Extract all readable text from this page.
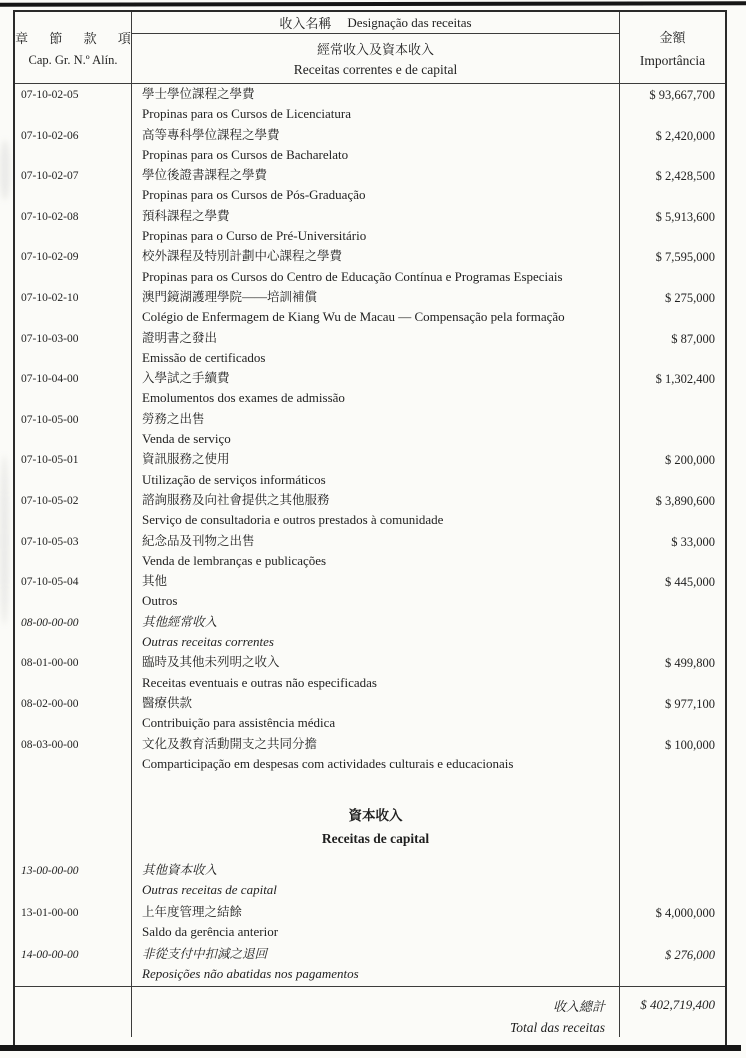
章 節 款 項
Cap. Gr. N.º Alín.
收入名稱 Designação das receitas
經常收入及資本收入
Receitas correntes e de capital
金額
Importância
07-10-02-05	學士學位課程之學費
Propinas para os Cursos de Licenciatura
$ 93,667,700
07-10-02-06	高等專科學位課程之學費
Propinas para os Cursos de Bacharelato
$ 2,420,000
07-10-02-07	學位後證書課程之學費
Propinas para os Cursos de Pós-Graduação
$ 2,428,500
07-10-02-08	預科課程之學費
Propinas para o Curso de Pré-Universitário
$ 5,913,600
07-10-02-09	校外課程及特別計劃中心課程之學費
Propinas para os Cursos do Centro de Educação Contínua e Programas Especiais
$ 7,595,000
07-10-02-10	澳門鏡湖護理學院——培訓補償
Colégio de Enfermagem de Kiang Wu de Macau — Compensação pela formação
$ 275,000
07-10-03-00	證明書之發出
Emissão de certificados
$ 87,000
07-10-04-00	入學試之手續費
Emolumentos dos exames de admissão
$ 1,302,400
07-10-05-00	勞務之出售
Venda de serviço
07-10-05-01	資訊服務之使用
Utilização de serviços informáticos
$ 200,000
07-10-05-02	諮詢服務及向社會提供之其他服務
Serviço de consultadoria e outros prestados à comunidade
$ 3,890,600
07-10-05-03	紀念品及刊物之出售
Venda de lembranças e publicações
$ 33,000
07-10-05-04	其他
Outros
$ 445,000
08-00-00-00	其他經常收入
Outras receitas correntes
08-01-00-00	臨時及其他未列明之收入
Receitas eventuais e outras não especificadas
$ 499,800
08-02-00-00	醫療供款
Contribuição para assistência médica
$ 977,100
08-03-00-00	文化及教育活動開支之共同分擔
Comparticipação em despesas com actividades culturais e educacionais
$ 100,000
資本收入
Receitas de capital
13-00-00-00	其他資本收入
Outras receitas de capital
13-01-00-00	上年度管理之結餘
Saldo da gerência anterior
$ 4,000,000
14-00-00-00	非從支付中扣減之退回
Reposições não abatidas nos pagamentos
$ 276,000
收入總計
Total das receitas
$ 402,719,400
